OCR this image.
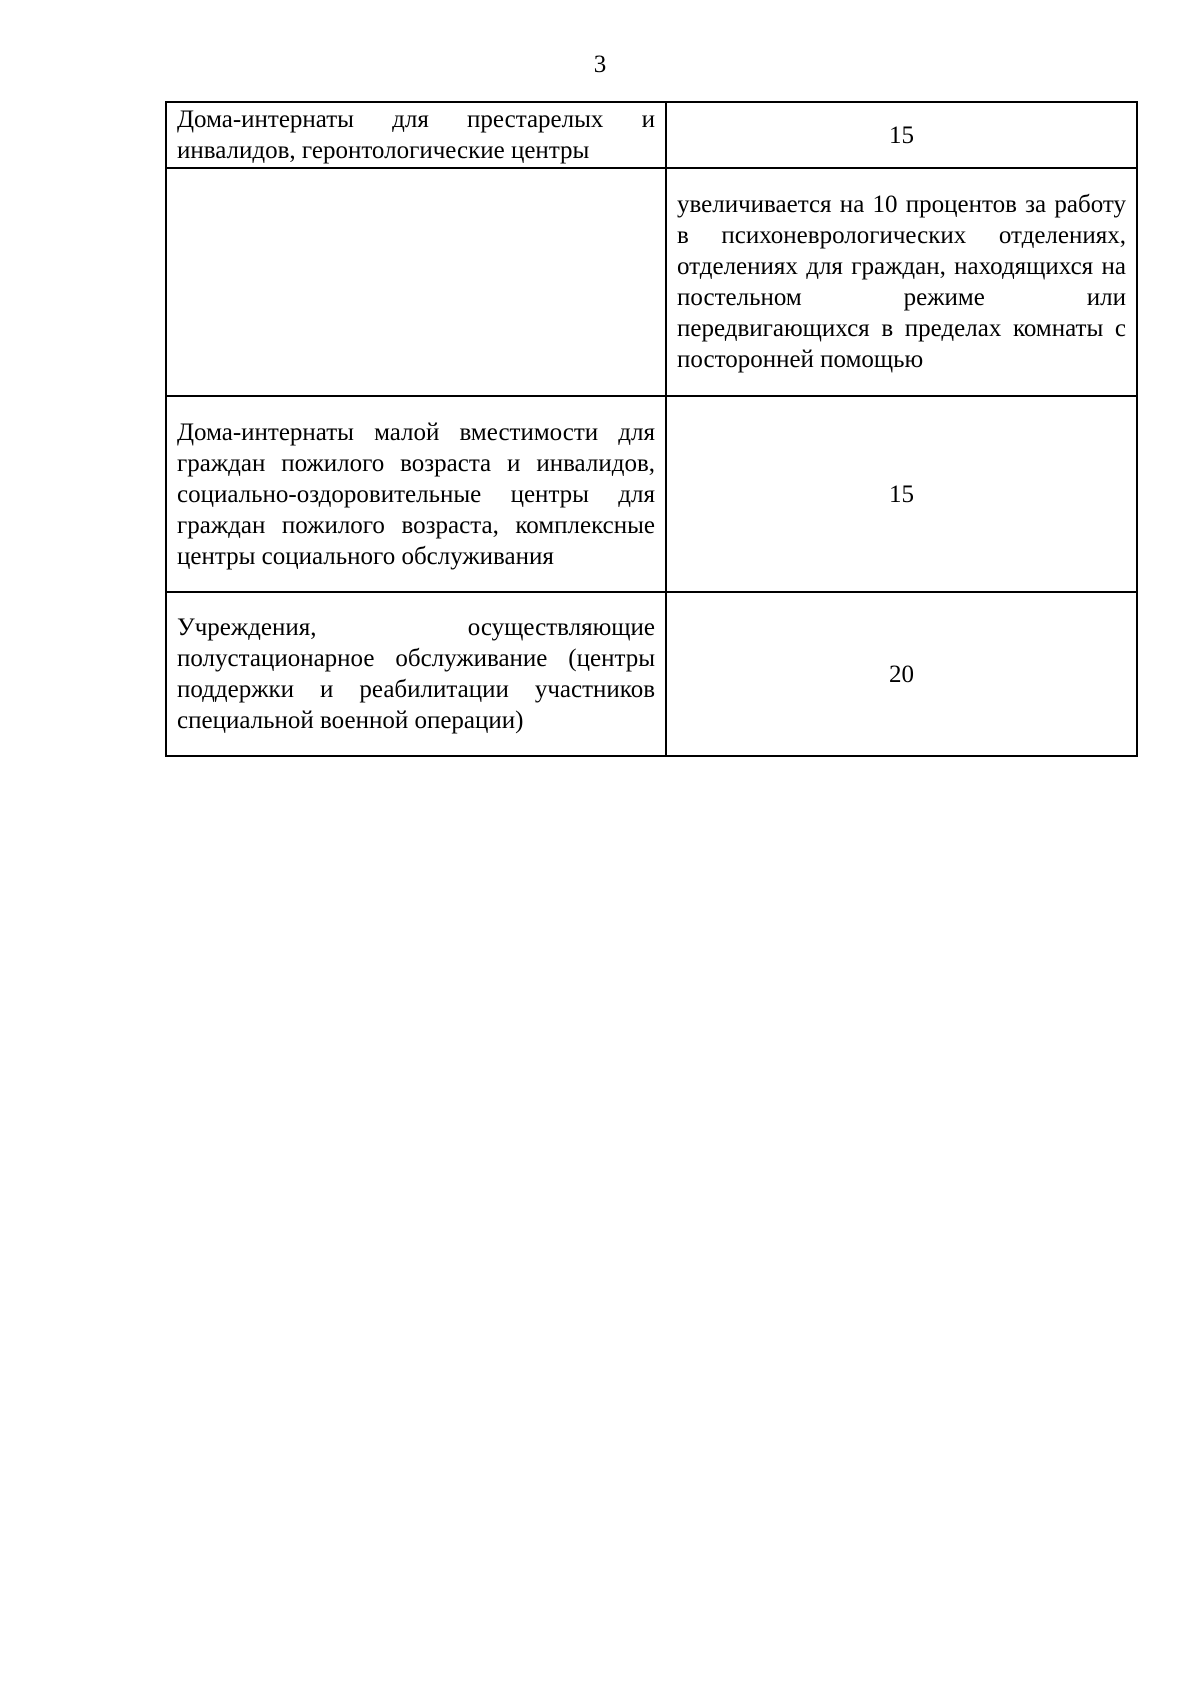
3
Дома-интернаты для престарелых и инвалидов, геронтологические центры	15
	увеличивается на 10 процентов за работу в психоневрологических отделениях, отделениях для граждан, находящихся на постельном режиме или передвигающихся в пределах комнаты с посторонней помощью
Дома-интернаты малой вместимости для граждан пожилого возраста и инвалидов, социально-оздоровительные центры для граждан пожилого возраста, комплексные центры социального обслуживания	15
Учреждения, осуществляющие полустационарное обслуживание (центры поддержки и реабилитации участников специальной военной операции)	20
